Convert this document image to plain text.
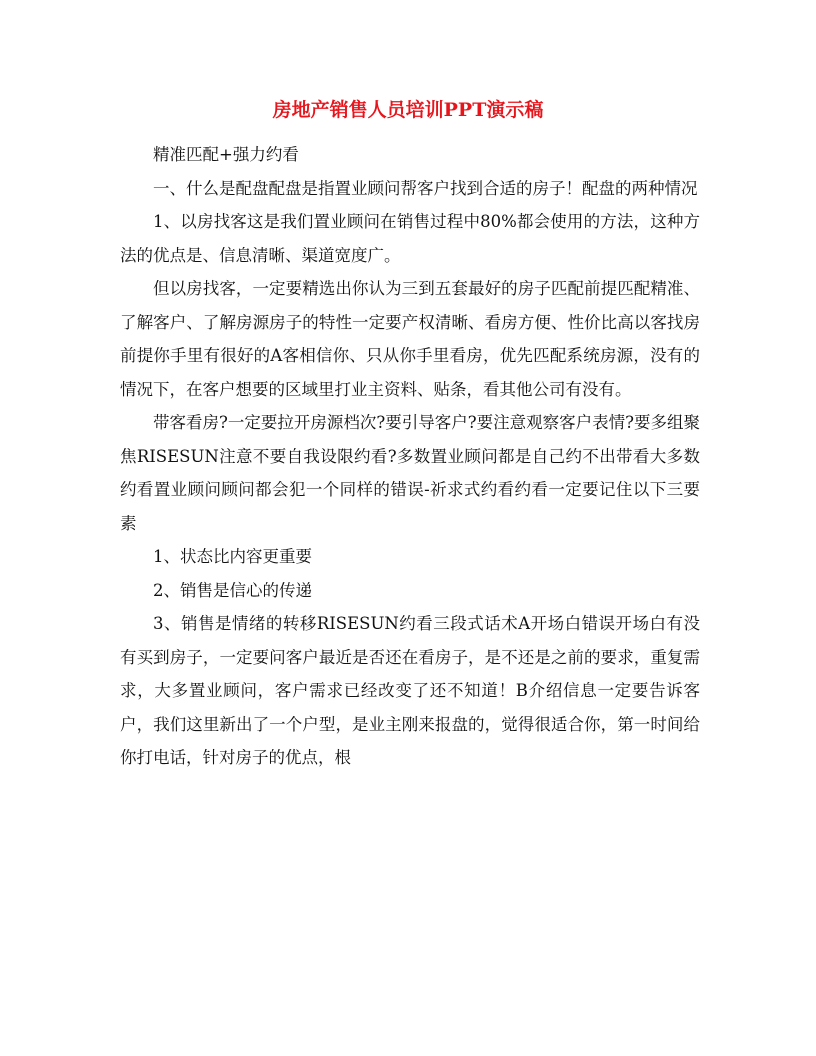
房地产销售人员培训PPT演示稿

精准匹配+强力约看

一、什么是配盘配盘是指置业顾问帮客户找到合适的房子！配盘的两种情况

1、以房找客这是我们置业顾问在销售过程中80%都会使用的方法，这种方法的优点是、信息清晰、渠道宽度广。

但以房找客，一定要精选出你认为三到五套最好的房子匹配前提匹配精准、了解客户、了解房源房子的特性一定要产权清晰、看房方便、性价比高以客找房前提你手里有很好的A客相信你、只从你手里看房，优先匹配系统房源，没有的情况下，在客户想要的区域里打业主资料、贴条，看其他公司有没有。

带客看房?一定要拉开房源档次?要引导客户?要注意观察客户表情?要多组聚焦RISESUN注意不要自我设限约看?多数置业顾问都是自己约不出带看大多数约看置业顾问顾问都会犯一个同样的错误-祈求式约看约看一定要记住以下三要素

1、状态比内容更重要

2、销售是信心的传递

3、销售是情绪的转移RISESUN约看三段式话术A开场白错误开场白有没有买到房子，一定要问客户最近是否还在看房子，是不还是之前的要求，重复需求，大多置业顾问，客户需求已经改变了还不知道！B介绍信息一定要告诉客户，我们这里新出了一个户型，是业主刚来报盘的，觉得很适合你，第一时间给你打电话，针对房子的优点，根
